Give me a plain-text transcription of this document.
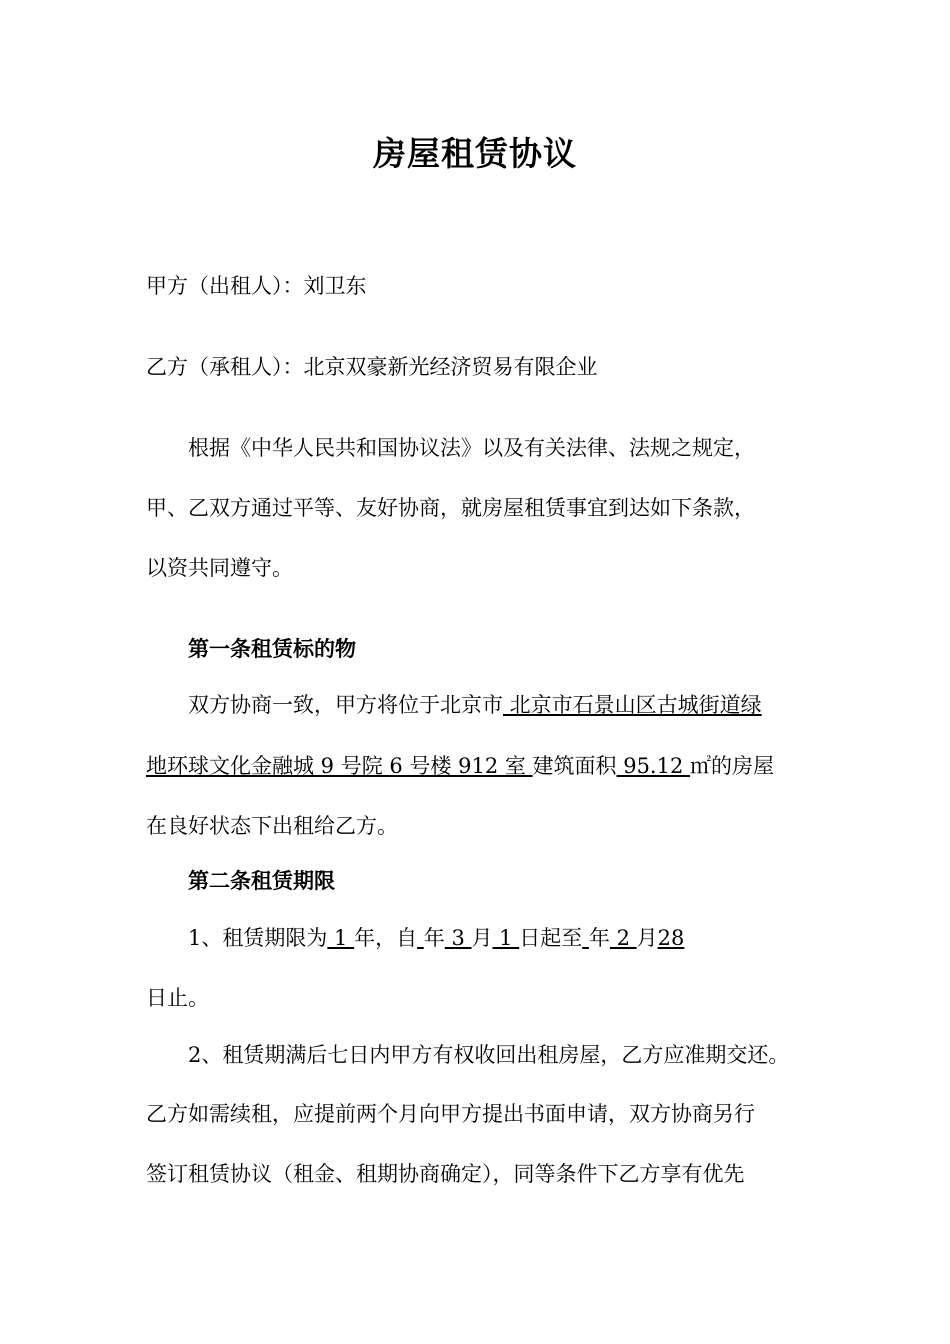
房屋租赁协议
甲方（出租人）：刘卫东
乙方（承租人）：北京双豪新光经济贸易有限企业
根据《中华人民共和国协议法》以及有关法律、法规之规定，
甲、乙双方通过平等、友好协商，就房屋租赁事宜到达如下条款，
以资共同遵守。
第一条租赁标的物
双方协商一致，甲方将位于北京市 北京市石景山区古城街道绿
地环球文化金融城 9 号院 6 号楼 912 室 建筑面积 95.12 ㎡的房屋
在良好状态下出租给乙方。
第二条租赁期限
1、租赁期限为 1 年，自 年 3 月 1 日起至 年 2 月28
日止。
2、租赁期满后七日内甲方有权收回出租房屋，乙方应准期交还。
乙方如需续租，应提前两个月向甲方提出书面申请，双方协商另行
签订租赁协议（租金、租期协商确定），同等条件下乙方享有优先
